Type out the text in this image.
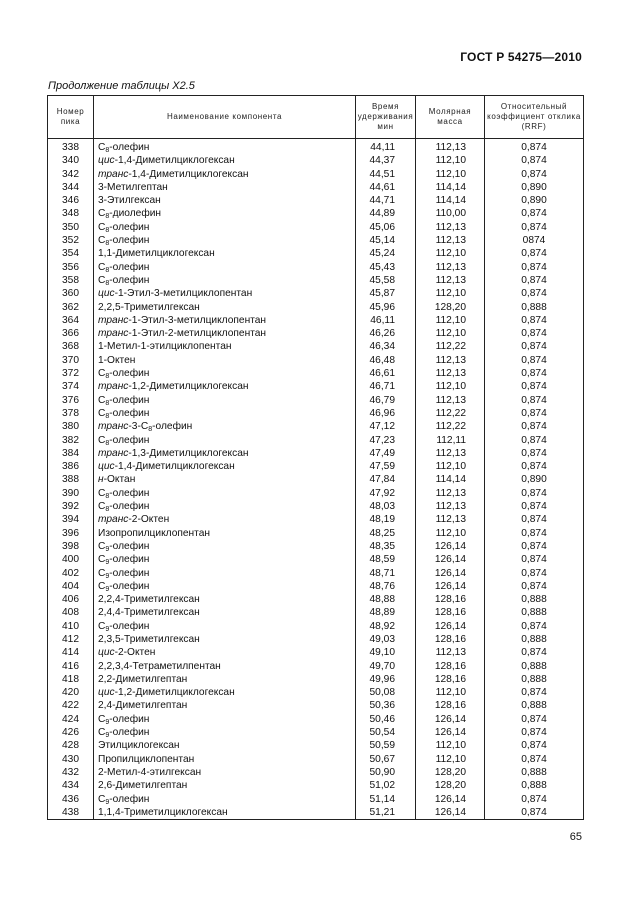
ГОСТ Р 54275—2010
Продолжение таблицы X2.5
Номер пика	Наименование компонента	Время удерживания мин	Молярная масса	Относительный коэффициент отклика (RRF)
338	$C_8$-олефин	44,11	112,13	0,874
340	цис-1,4-Диметилциклогексан	44,37	112,10	0,874
342	транс-1,4-Диметилциклогексан	44,51	112,10	0,874
344	3-Метилгептан	44,61	114,14	0,890
346	3-Этилгексан	44,71	114,14	0,890
348	$C_8$-диолефин	44,89	110,00	0,874
350	$C_8$-олефин	45,06	112,13	0,874
352	$C_8$-олефин	45,14	112,13	0874
354	1,1-Диметилциклогексан	45,24	112,10	0,874
356	$C_8$-олефин	45,43	112,13	0,874
358	$C_8$-олефин	45,58	112,13	0,874
360	цис-1-Этил-3-метилциклопентан	45,87	112,10	0,874
362	2,2,5-Триметилгексан	45,96	128,20	0,888
364	транс-1-Этил-3-метилциклопентан	46,11	112,10	0,874
366	транс-1-Этил-2-метилциклопентан	46,26	112,10	0,874
368	1-Метил-1-этилциклопентан	46,34	112,22	0,874
370	1-Октен	46,48	112,13	0,874
372	$C_8$-олефин	46,61	112,13	0,874
374	транс-1,2-Диметилциклогексан	46,71	112,10	0,874
376	$C_8$-олефин	46,79	112,13	0,874
378	$C_8$-олефин	46,96	112,22	0,874
380	транс-$3-C_8$-олефин	47,12	112,22	0,874
382	$C_8$-олефин	47,23	112,11	0,874
384	транс-1,3-Диметилциклогексан	47,49	112,13	0,874
386	цис-1,4-Диметилциклогексан	47,59	112,10	0,874
388	н-Октан	47,84	114,14	0,890
390	$C_8$-олефин	47,92	112,13	0,874
392	$C_8$-олефин	48,03	112,13	0,874
394	транс-2-Октен	48,19	112,13	0,874
396	Изопропилциклопентан	48,25	112,10	0,874
398	$C_9$-олефин	48,35	126,14	0,874
400	$C_9$-олефин	48,59	126,14	0,874
402	$C_9$-олефин	48,71	126,14	0,874
404	$C_9$-олефин	48,76	126,14	0,874
406	2,2,4-Триметилгексан	48,88	128,16	0,888
408	2,4,4-Триметилгексан	48,89	128,16	0,888
410	$C_9$-олефин	48,92	126,14	0,874
412	2,3,5-Триметилгексан	49,03	128,16	0,888
414	цис-2-Октен	49,10	112,13	0,874
416	2,2,3,4-Тетраметилпентан	49,70	128,16	0,888
418	2,2-Диметилгептан	49,96	128,16	0,888
420	цис-1,2-Диметилциклогексан	50,08	112,10	0,874
422	2,4-Диметилгептан	50,36	128,16	0,888
424	$C_9$-олефин	50,46	126,14	0,874
426	$C_9$-олефин	50,54	126,14	0,874
428	Этилциклогексан	50,59	112,10	0,874
430	Пропилциклопентан	50,67	112,10	0,874
432	2-Метил-4-этилгексан	50,90	128,20	0,888
434	2,6-Диметилгептан	51,02	128,20	0,888
436	$C_9$-олефин	51,14	126,14	0,874
438	1,1,4-Триметилциклогексан	51,21	126,14	0,874
65
